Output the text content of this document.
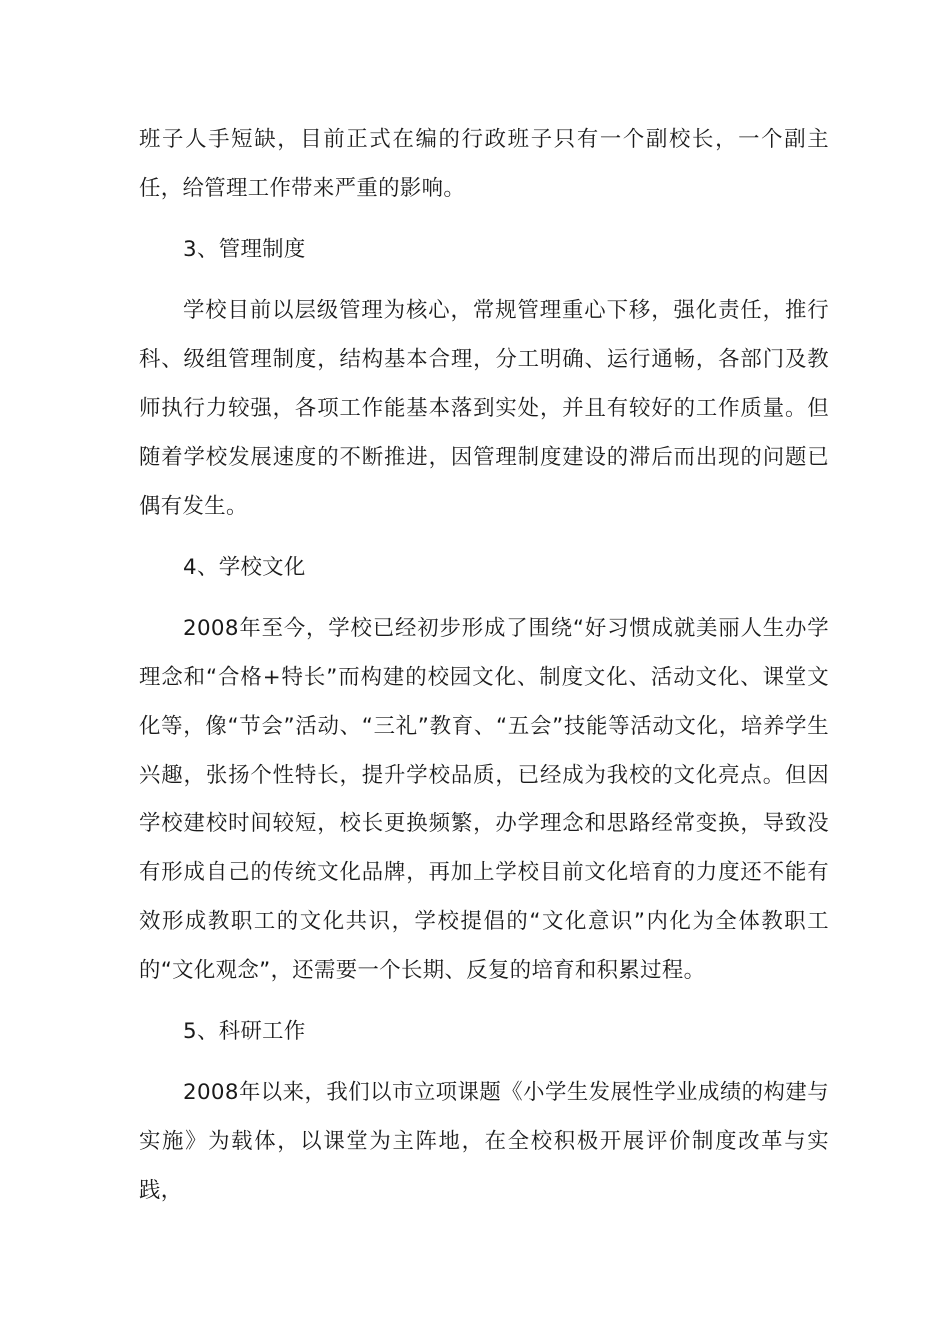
班子人手短缺，目前正式在编的行政班子只有一个副校长，一个副主任，给管理工作带来严重的影响。

3、管理制度

学校目前以层级管理为核心，常规管理重心下移，强化责任，推行科、级组管理制度，结构基本合理，分工明确、运行通畅，各部门及教师执行力较强，各项工作能基本落到实处，并且有较好的工作质量。但随着学校发展速度的不断推进，因管理制度建设的滞后而出现的问题已偶有发生。

4、学校文化

2008年至今，学校已经初步形成了围绕“好习惯成就美丽人生办学理念和“合格+特长”而构建的校园文化、制度文化、活动文化、课堂文化等，像“节会”活动、“三礼”教育、“五会”技能等活动文化，培养学生兴趣，张扬个性特长，提升学校品质，已经成为我校的文化亮点。但因学校建校时间较短，校长更换频繁，办学理念和思路经常变换，导致没有形成自己的传统文化品牌，再加上学校目前文化培育的力度还不能有效形成教职工的文化共识，学校提倡的“文化意识”内化为全体教职工的“文化观念”，还需要一个长期、反复的培育和积累过程。

5、科研工作

2008年以来，我们以市立项课题《小学生发展性学业成绩的构建与实施》为载体，以课堂为主阵地，在全校积极开展评价制度改革与实践，
